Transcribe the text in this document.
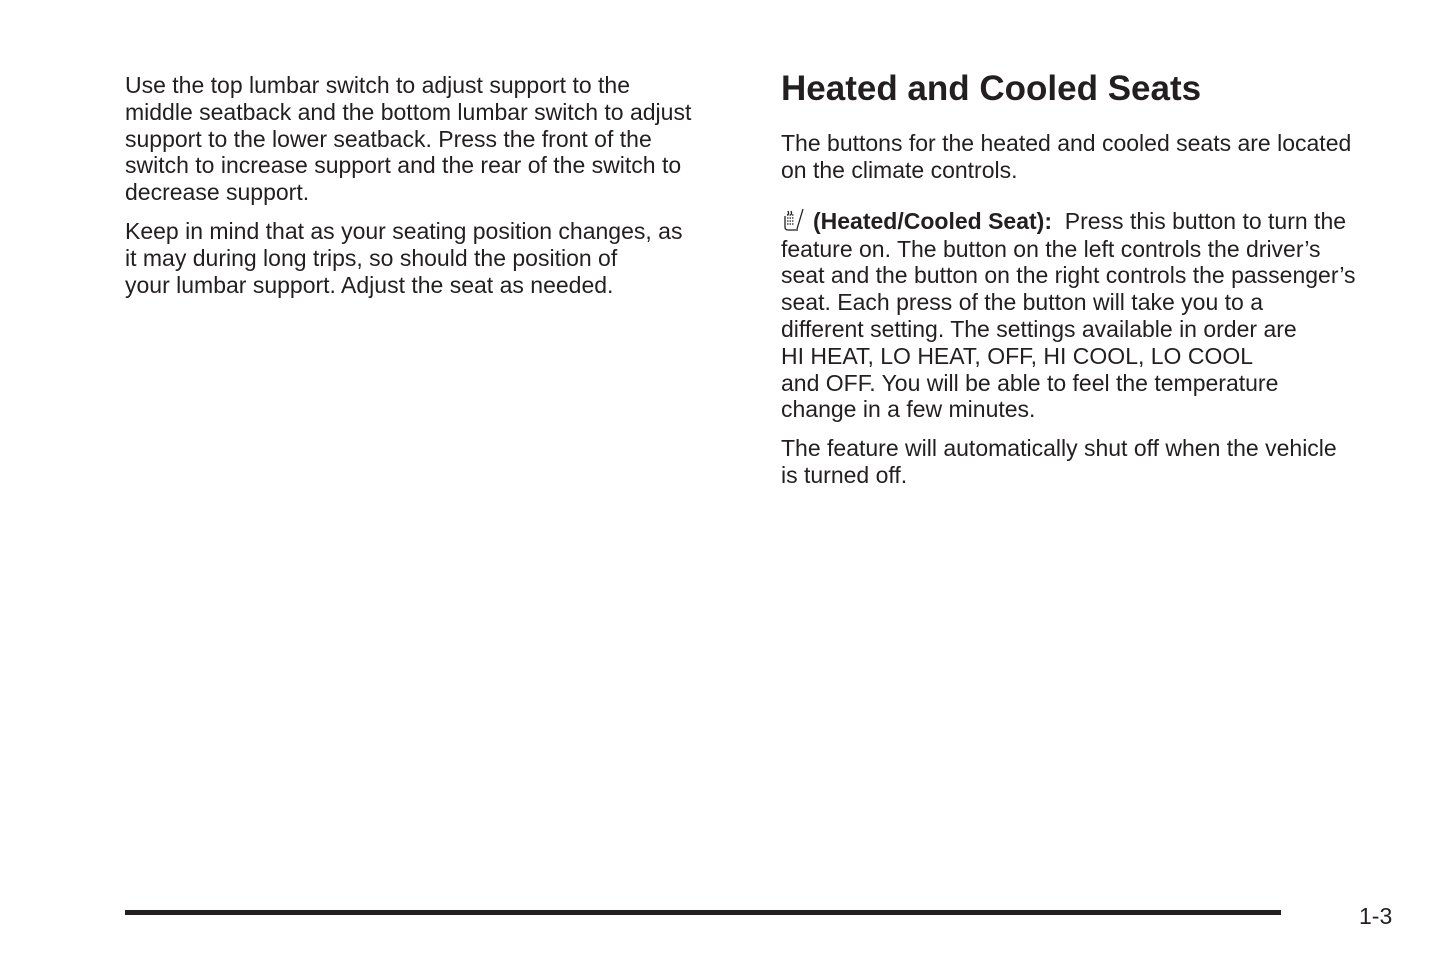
Use the top lumbar switch to adjust support to the
middle seatback and the bottom lumbar switch to adjust
support to the lower seatback. Press the front of the
switch to increase support and the rear of the switch to
decrease support.
Keep in mind that as your seating position changes, as
it may during long trips, so should the position of
your lumbar support. Adjust the seat as needed.
Heated and Cooled Seats
The buttons for the heated and cooled seats are located
on the climate controls.
(Heated/Cooled Seat): Press this button to turn the
feature on. The button on the left controls the driver’s
seat and the button on the right controls the passenger’s
seat. Each press of the button will take you to a
different setting. The settings available in order are
HI HEAT, LO HEAT, OFF, HI COOL, LO COOL
and OFF. You will be able to feel the temperature
change in a few minutes.
The feature will automatically shut off when the vehicle
is turned off.
1-3
